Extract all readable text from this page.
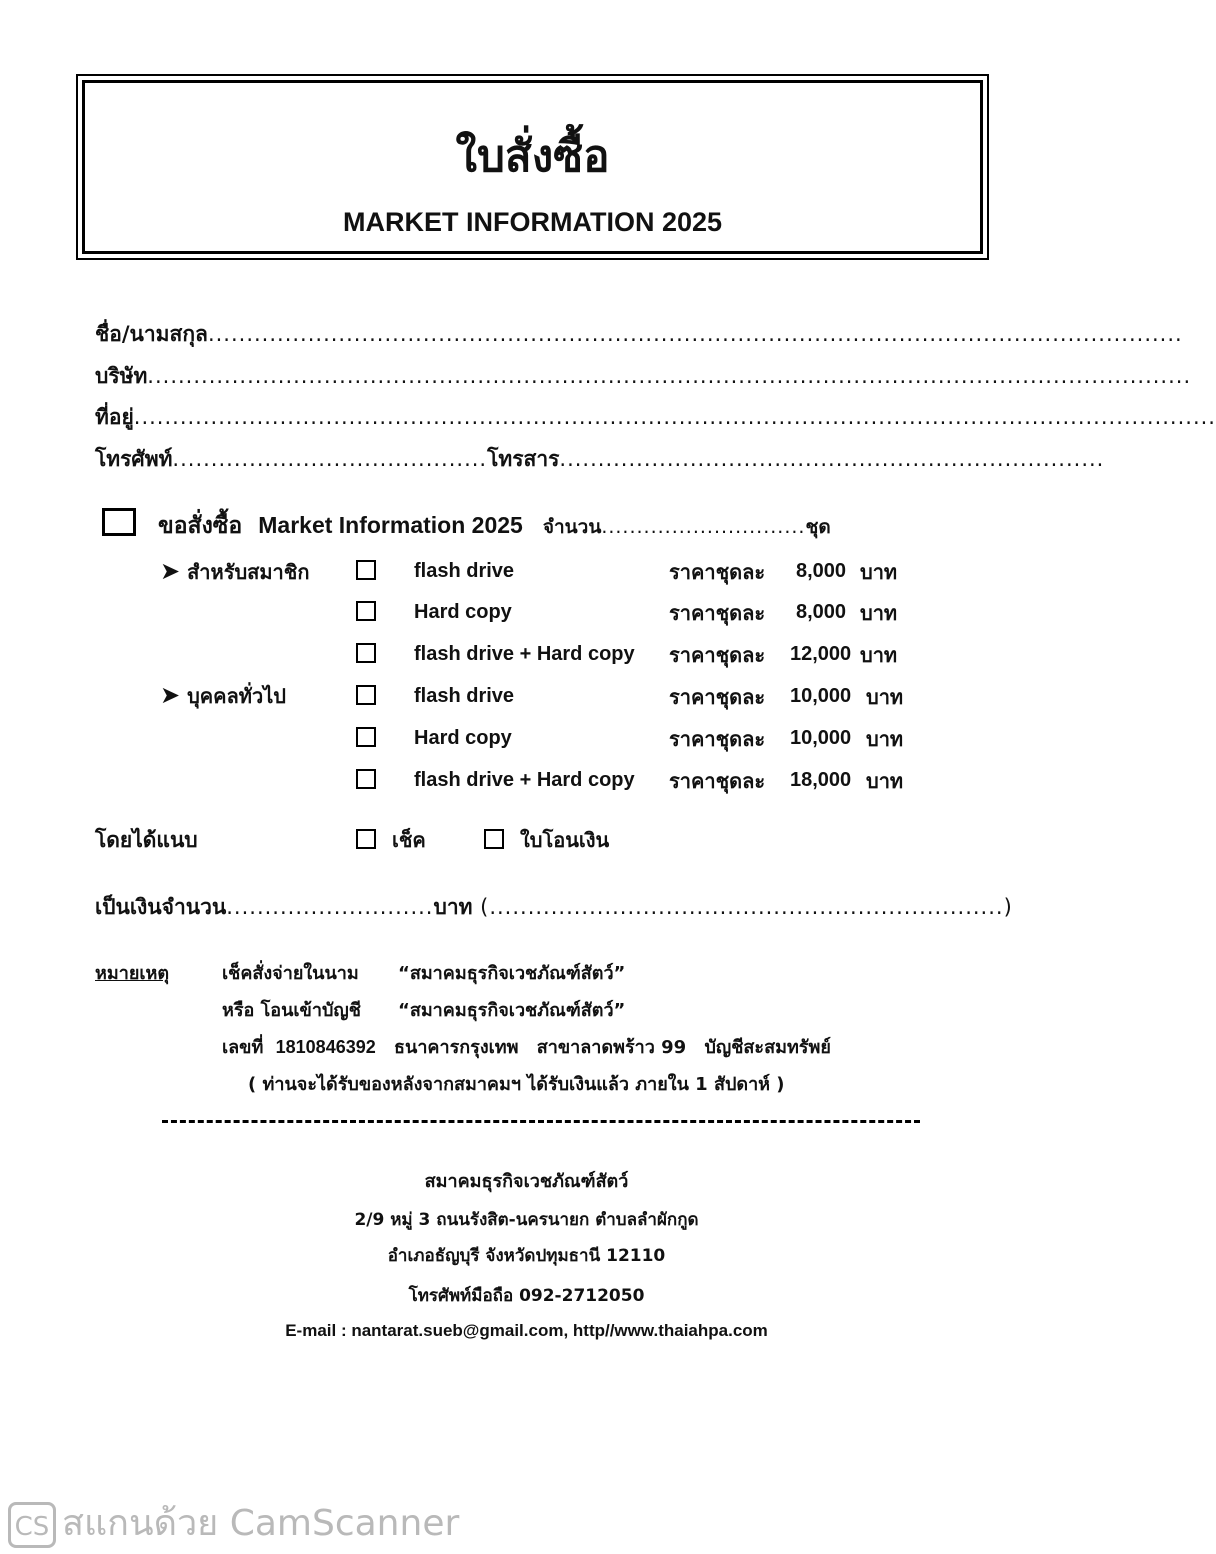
ใบสั่งซื้อ
MARKET INFORMATION 2025
ชื่อ/นามสกุล...............................................................................................................................
บริษัท........................................................................................................................................
ที่อยู่.............................................................................................................................................
โทรศัพท์.........................................โทรสาร.......................................................................
ขอสั่งซื้อ Market Information 2025 จำนวน.............................ชุด
➤ สำหรับสมาชิก	flash drive	ราคาชุดละ 8,000 บาท
Hard copy	ราคาชุดละ 8,000 บาท
flash drive + Hard copy ราคาชุดละ 12,000 บาท
➤ บุคคลทั่วไป	flash drive	ราคาชุดละ 10,000 บาท
Hard copy	ราคาชุดละ 10,000 บาท
flash drive + Hard copy ราคาชุดละ 18,000 บาท
โดยได้แนบ	เช็ค	ใบโอนเงิน
เป็นเงินจำนวน...........................บาท (...................................................................)
หมายเหตุ	เช็คสั่งจ่ายในนาม “สมาคมธุรกิจเวชภัณฑ์สัตว์”
หรือ โอนเข้าบัญชี “สมาคมธุรกิจเวชภัณฑ์สัตว์”
เลขที่ 1810846392 ธนาคารกรุงเทพ สาขาลาดพร้าว 99 บัญชีสะสมทรัพย์
( ท่านจะได้รับของหลังจากสมาคมฯ ได้รับเงินแล้ว ภายใน 1 สัปดาห์ )
สมาคมธุรกิจเวชภัณฑ์สัตว์
2/9 หมู่ 3 ถนนรังสิต-นครนายก ตำบลลำผักกูด
อำเภอธัญบุรี จังหวัดปทุมธานี 12110
โทรศัพท์มือถือ 092-2712050
E-mail : nantarat.sueb@gmail.com, http//www.thaiahpa.com
CS สแกนด้วย CamScanner
